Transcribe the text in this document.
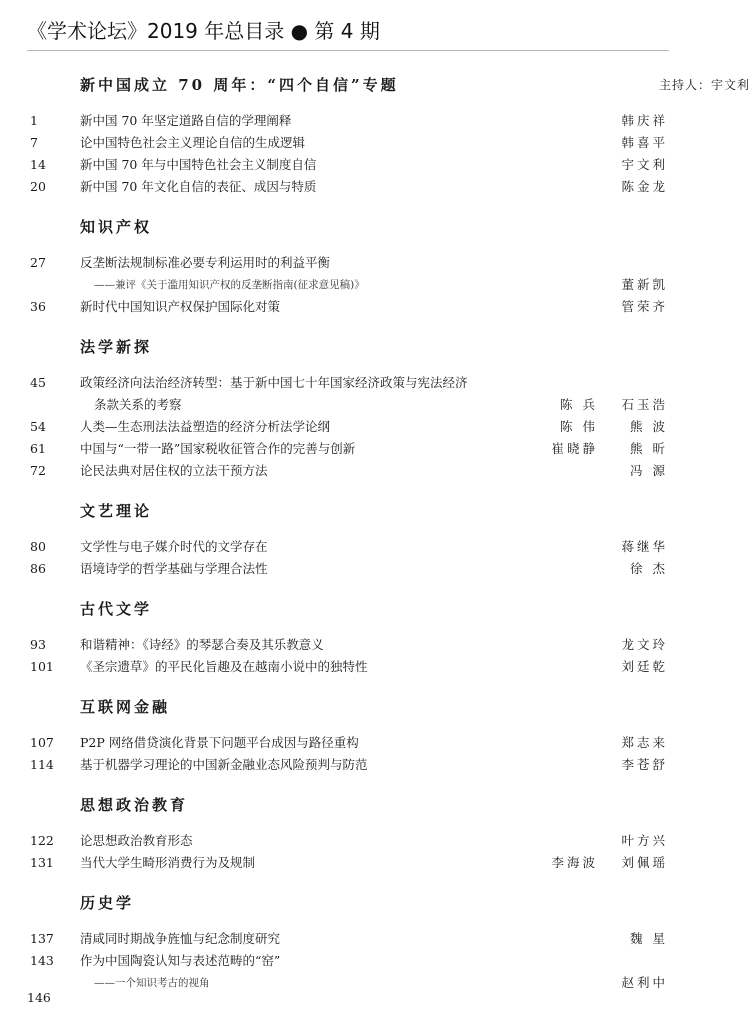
《学术论坛》2019 年总目录 ● 第 4 期
新中国成立 70 周年：“四个自信”专题	主持人：宇文利
1	新中国 70 年坚定道路自信的学理阐释	韩庆祥
7	论中国特色社会主义理论自信的生成逻辑	韩喜平
14	新中国 70 年与中国特色社会主义制度自信	宇文利
20	新中国 70 年文化自信的表征、成因与特质	陈金龙
知识产权
27	反垄断法规制标准必要专利运用时的利益平衡
——兼评《关于滥用知识产权的反垄断指南(征求意见稿)》	董新凯
36	新时代中国知识产权保护国际化对策	管荣齐
法学新探
45	政策经济向法治经济转型：基于新中国七十年国家经济政策与宪法经济
条款关系的考察	陈 兵	石玉浩
54	人类—生态刑法法益塑造的经济分析法学论纲	陈 伟	熊 波
61	中国与“一带一路”国家税收征管合作的完善与创新	崔晓静	熊 昕
72	论民法典对居住权的立法干预方法	冯 源
文艺理论
80	文学性与电子媒介时代的文学存在	蒋继华
86	语境诗学的哲学基础与学理合法性	徐 杰
古代文学
93	和谐精神：《诗经》的琴瑟合奏及其乐教意义	龙文玲
101 《圣宗遗草》的平民化旨趣及在越南小说中的独特性	刘廷乾
互联网金融
107 P2P 网络借贷演化背景下问题平台成因与路径重构	郑志来
114 基于机器学习理论的中国新金融业态风险预判与防范	李苍舒
思想政治教育
122 论思想政治教育形态	叶方兴
131 当代大学生畸形消费行为及规制	李海波	刘佩瑶
历史学
137 清咸同时期战争旌恤与纪念制度研究	魏 星
143 作为中国陶瓷认知与表述范畴的“窑”
——一个知识考古的视角	赵利中
146
